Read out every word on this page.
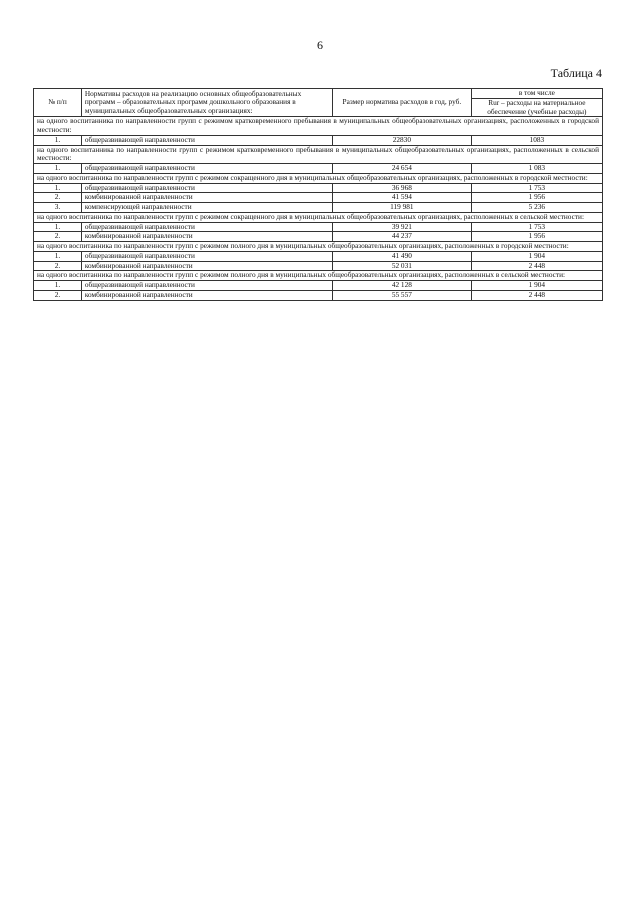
6
Таблица 4
№ п/п	Нормативы расходов на реализацию основных общеобразовательных программ – образовательных программ дошкольного образования в муниципальных общеобразовательных организациях:	Размер норматива расходов в год, руб.	в том числе
			Rur – расходы на материальное обеспечение (учебные расходы)
на одного воспитанника по направленности групп с режимом кратковременного пребывания в муниципальных общеобразовательных организациях, расположенных в городской местности:			
1.	общеразвивающей направленности	22830	1083
на одного воспитанника по направленности групп с режимом кратковременного пребывания в муниципальных общеобразовательных организациях, расположенных в сельской местности:			
1.	общеразвивающей направленности	24 654	1 083
на одного воспитанника по направленности групп с режимом сокращенного дня в муниципальных общеобразовательных организациях, расположенных в городской местности:			
1.	общеразвивающей направленности	36 968	1 753
2.	комбинированной направленности	41 594	1 956
3.	компенсирующей направленности	119 981	5 236
на одного воспитанника по направленности групп с режимом сокращенного дня в муниципальных общеобразовательных организациях, расположенных в сельской местности:			
1.	общеразвивающей направленности	39 921	1 753
2.	комбинированной направленности	44 237	1 956
на одного воспитанника по направленности групп с режимом полного дня в муниципальных общеобразовательных организациях, расположенных в городской местности:			
1.	общеразвивающей направленности	41 490	1 904
2.	комбинированной направленности	52 031	2 448
на одного воспитанника по направленности групп с режимом полного дня в муниципальных общеобразовательных организациях, расположенных в сельской местности:			
1.	общеразвивающей направленности	42 128	1 904
2.	комбинированной направленности	55 557	2 448
